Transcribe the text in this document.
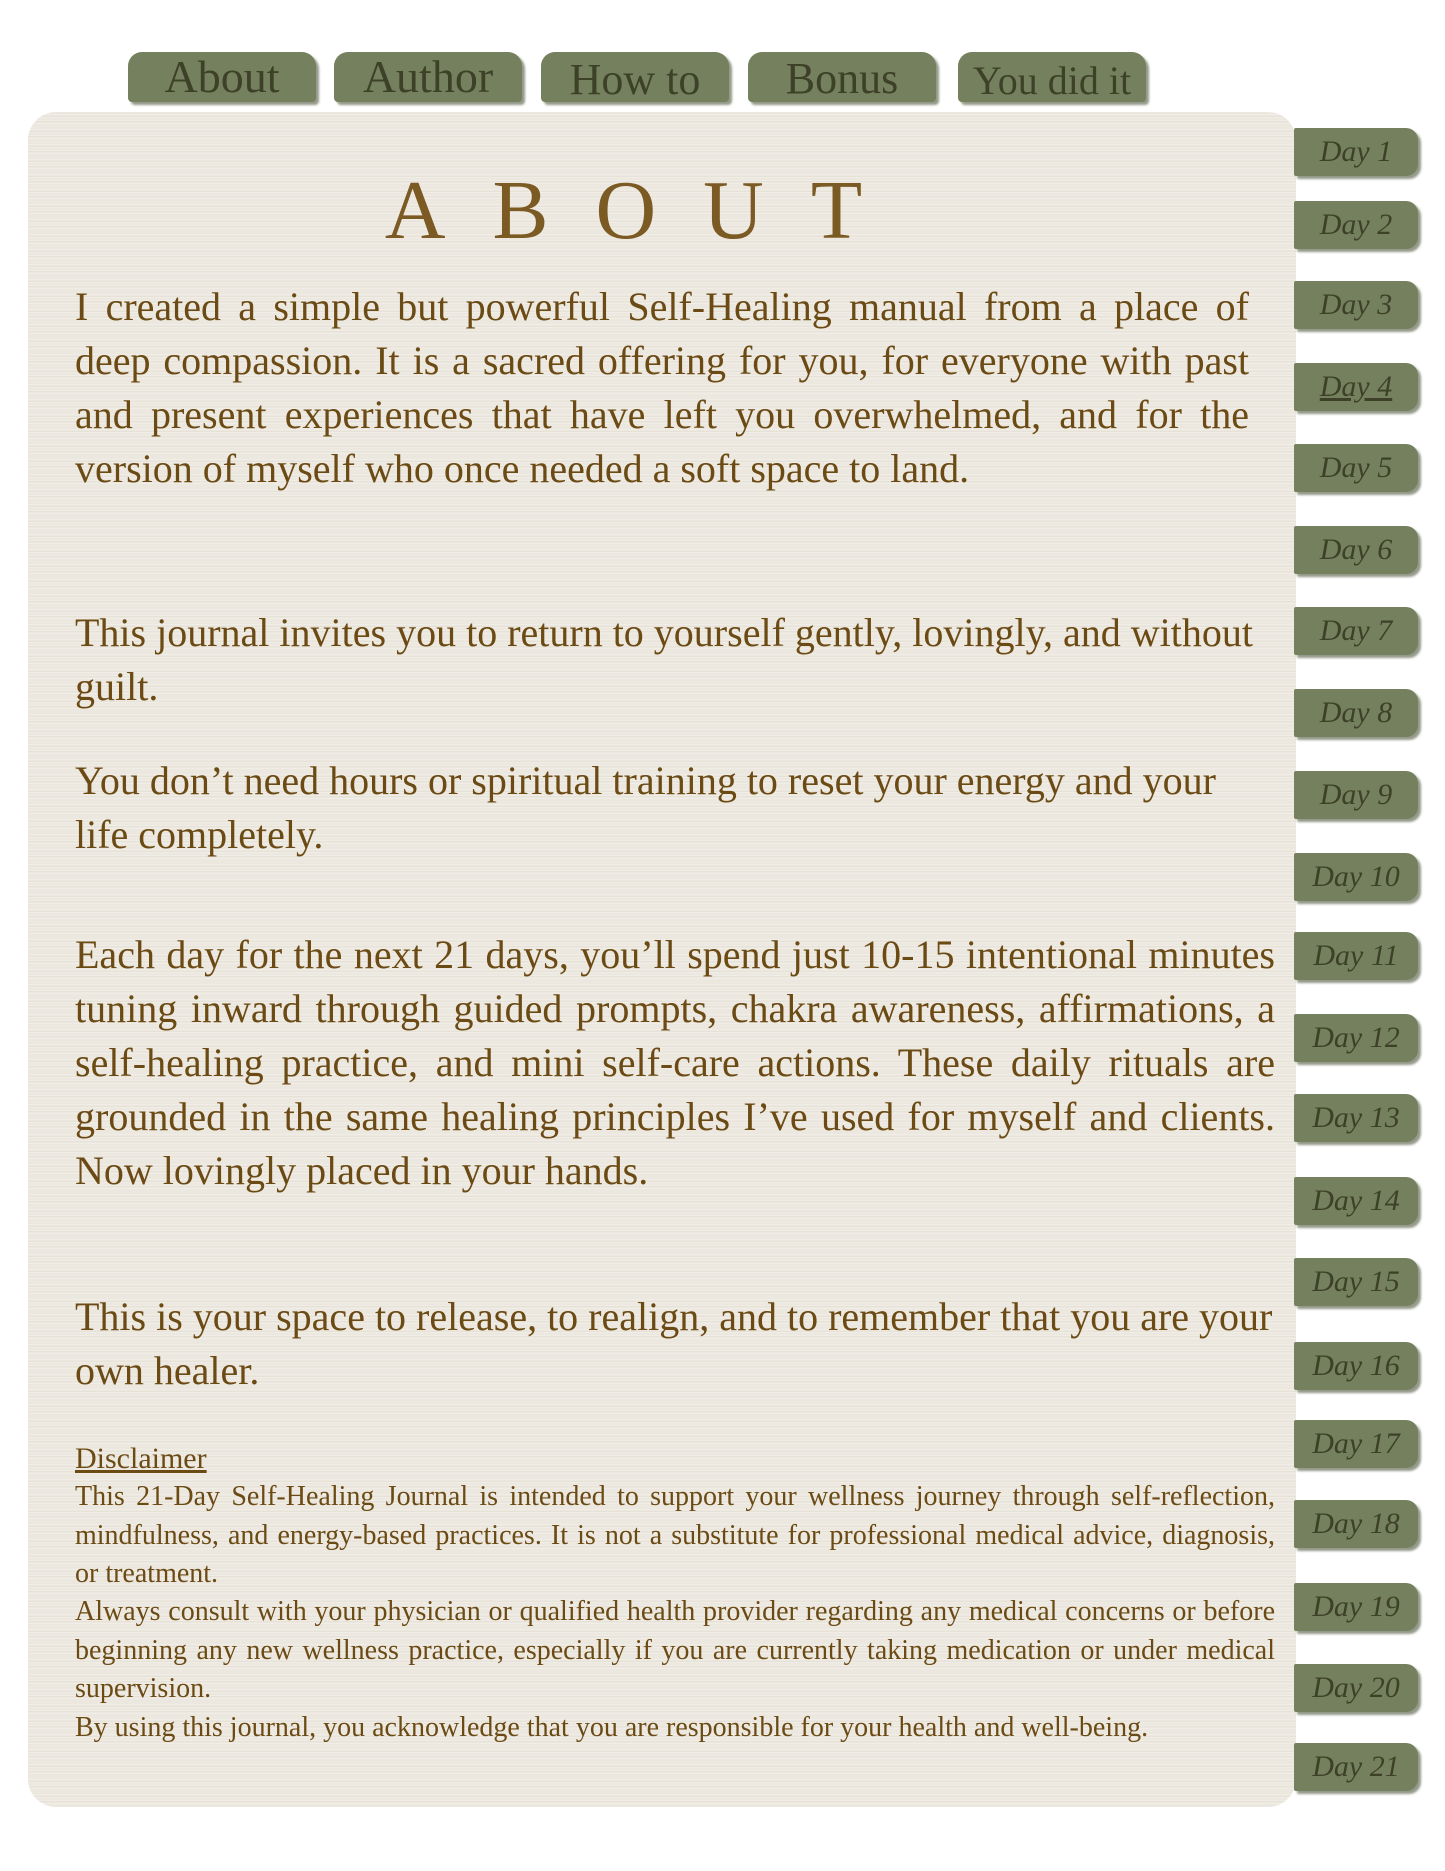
About	Author	How to	Bonus	You did it
ABOUT

I created a simple but powerful Self-Healing manual from a place of deep compassion. It is a sacred offering for you, for everyone with past and present experiences that have left you overwhelmed, and for the version of myself who once needed a soft space to land.

This journal invites you to return to yourself gently, lovingly, and without guilt.

You don’t need hours or spiritual training to reset your energy and your life completely.

Each day for the next 21 days, you’ll spend just 10-15 intentional minutes tuning inward through guided prompts, chakra awareness, affirmations, a self-healing practice, and mini self-care actions. These daily rituals are grounded in the same healing principles I’ve used for myself and clients. Now lovingly placed in your hands.

This is your space to release, to realign, and to remember that you are your own healer.

Disclaimer

This 21-Day Self-Healing Journal is intended to support your wellness journey through self-reflection, mindfulness, and energy-based practices. It is not a substitute for professional medical advice, diagnosis, or treatment.

Always consult with your physician or qualified health provider regarding any medical concerns or before beginning any new wellness practice, especially if you are currently taking medication or under medical supervision.

By using this journal, you acknowledge that you are responsible for your health and well-being.

Day 1
Day 2
Day 3
Day 4
Day 5
Day 6
Day 7
Day 8
Day 9
Day 10
Day 11
Day 12
Day 13
Day 14
Day 15
Day 16
Day 17
Day 18
Day 19
Day 20
Day 21
